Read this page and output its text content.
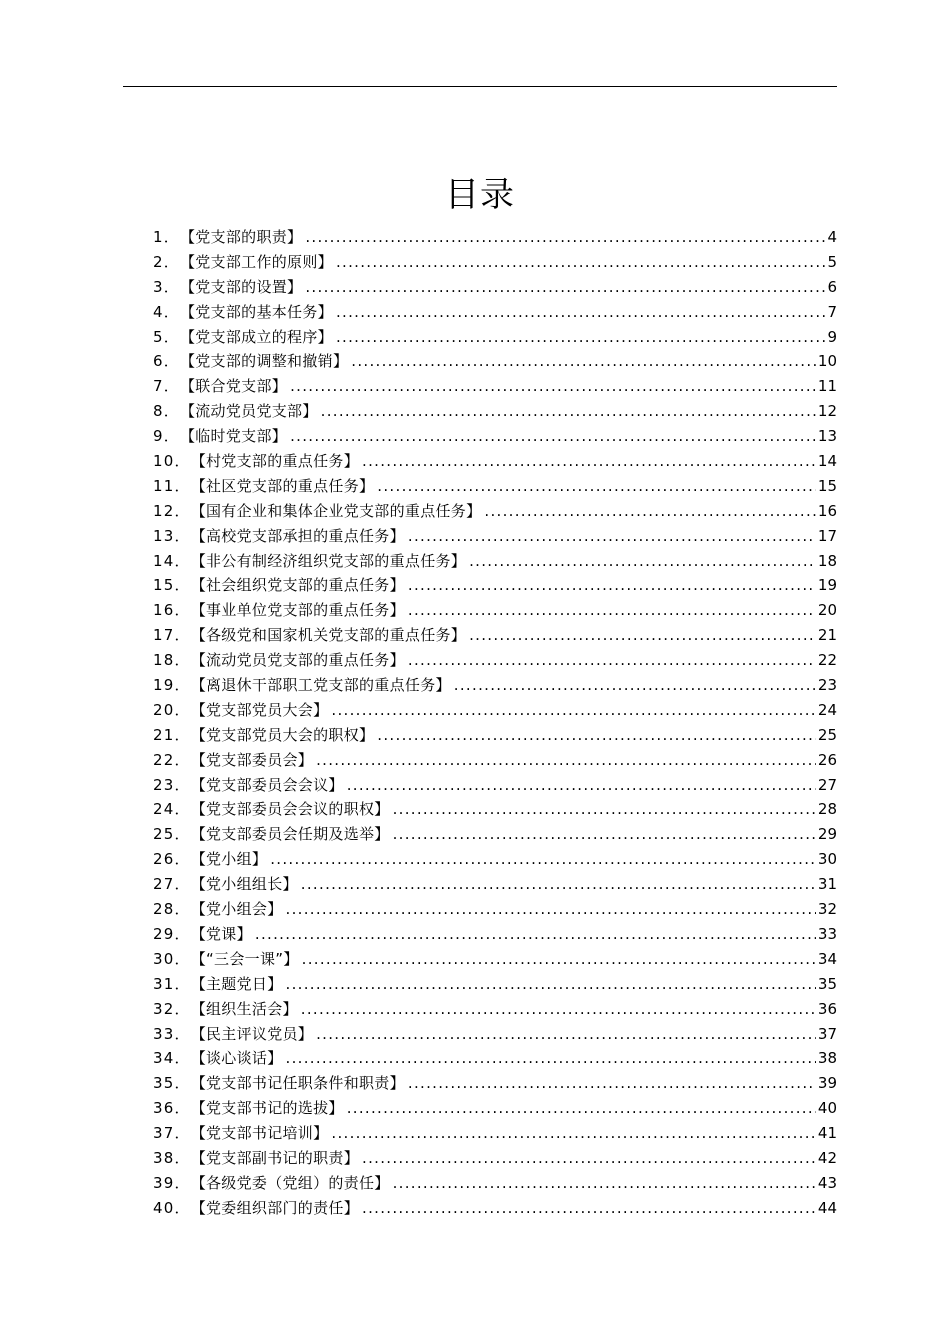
目录
1． 【党支部的职责】 .....	4
2． 【党支部工作的原则】 .....	5
3． 【党支部的设置】 .....	6
4． 【党支部的基本任务】 .....	7
5． 【党支部成立的程序】 .....	9
6． 【党支部的调整和撤销】 .....	10
7． 【联合党支部】 .....	11
8． 【流动党员党支部】 .....	12
9． 【临时党支部】 .....	13
10． 【村党支部的重点任务】 .....	14
11． 【社区党支部的重点任务】 .....	15
12． 【国有企业和集体企业党支部的重点任务】 .....	16
13． 【高校党支部承担的重点任务】 .....	17
14． 【非公有制经济组织党支部的重点任务】 .....	18
15． 【社会组织党支部的重点任务】 .....	19
16． 【事业单位党支部的重点任务】 .....	20
17． 【各级党和国家机关党支部的重点任务】 .....	21
18． 【流动党员党支部的重点任务】 .....	22
19． 【离退休干部职工党支部的重点任务】 .....	23
20． 【党支部党员大会】 .....	24
21． 【党支部党员大会的职权】 .....	25
22． 【党支部委员会】 .....	26
23． 【党支部委员会会议】 .....	27
24． 【党支部委员会会议的职权】 .....	28
25． 【党支部委员会任期及选举】 .....	29
26． 【党小组】 .....	30
27． 【党小组组长】 .....	31
28． 【党小组会】 .....	32
29． 【党课】 .....	33
30． 【“三会一课”】 .....	34
31． 【主题党日】 .....	35
32． 【组织生活会】 .....	36
33． 【民主评议党员】 .....	37
34． 【谈心谈话】 .....	38
35． 【党支部书记任职条件和职责】 .....	39
36． 【党支部书记的选拔】 .....	40
37． 【党支部书记培训】 .....	41
38． 【党支部副书记的职责】 .....	42
39． 【各级党委（党组）的责任】 .....	43
40． 【党委组织部门的责任】 .....	44
